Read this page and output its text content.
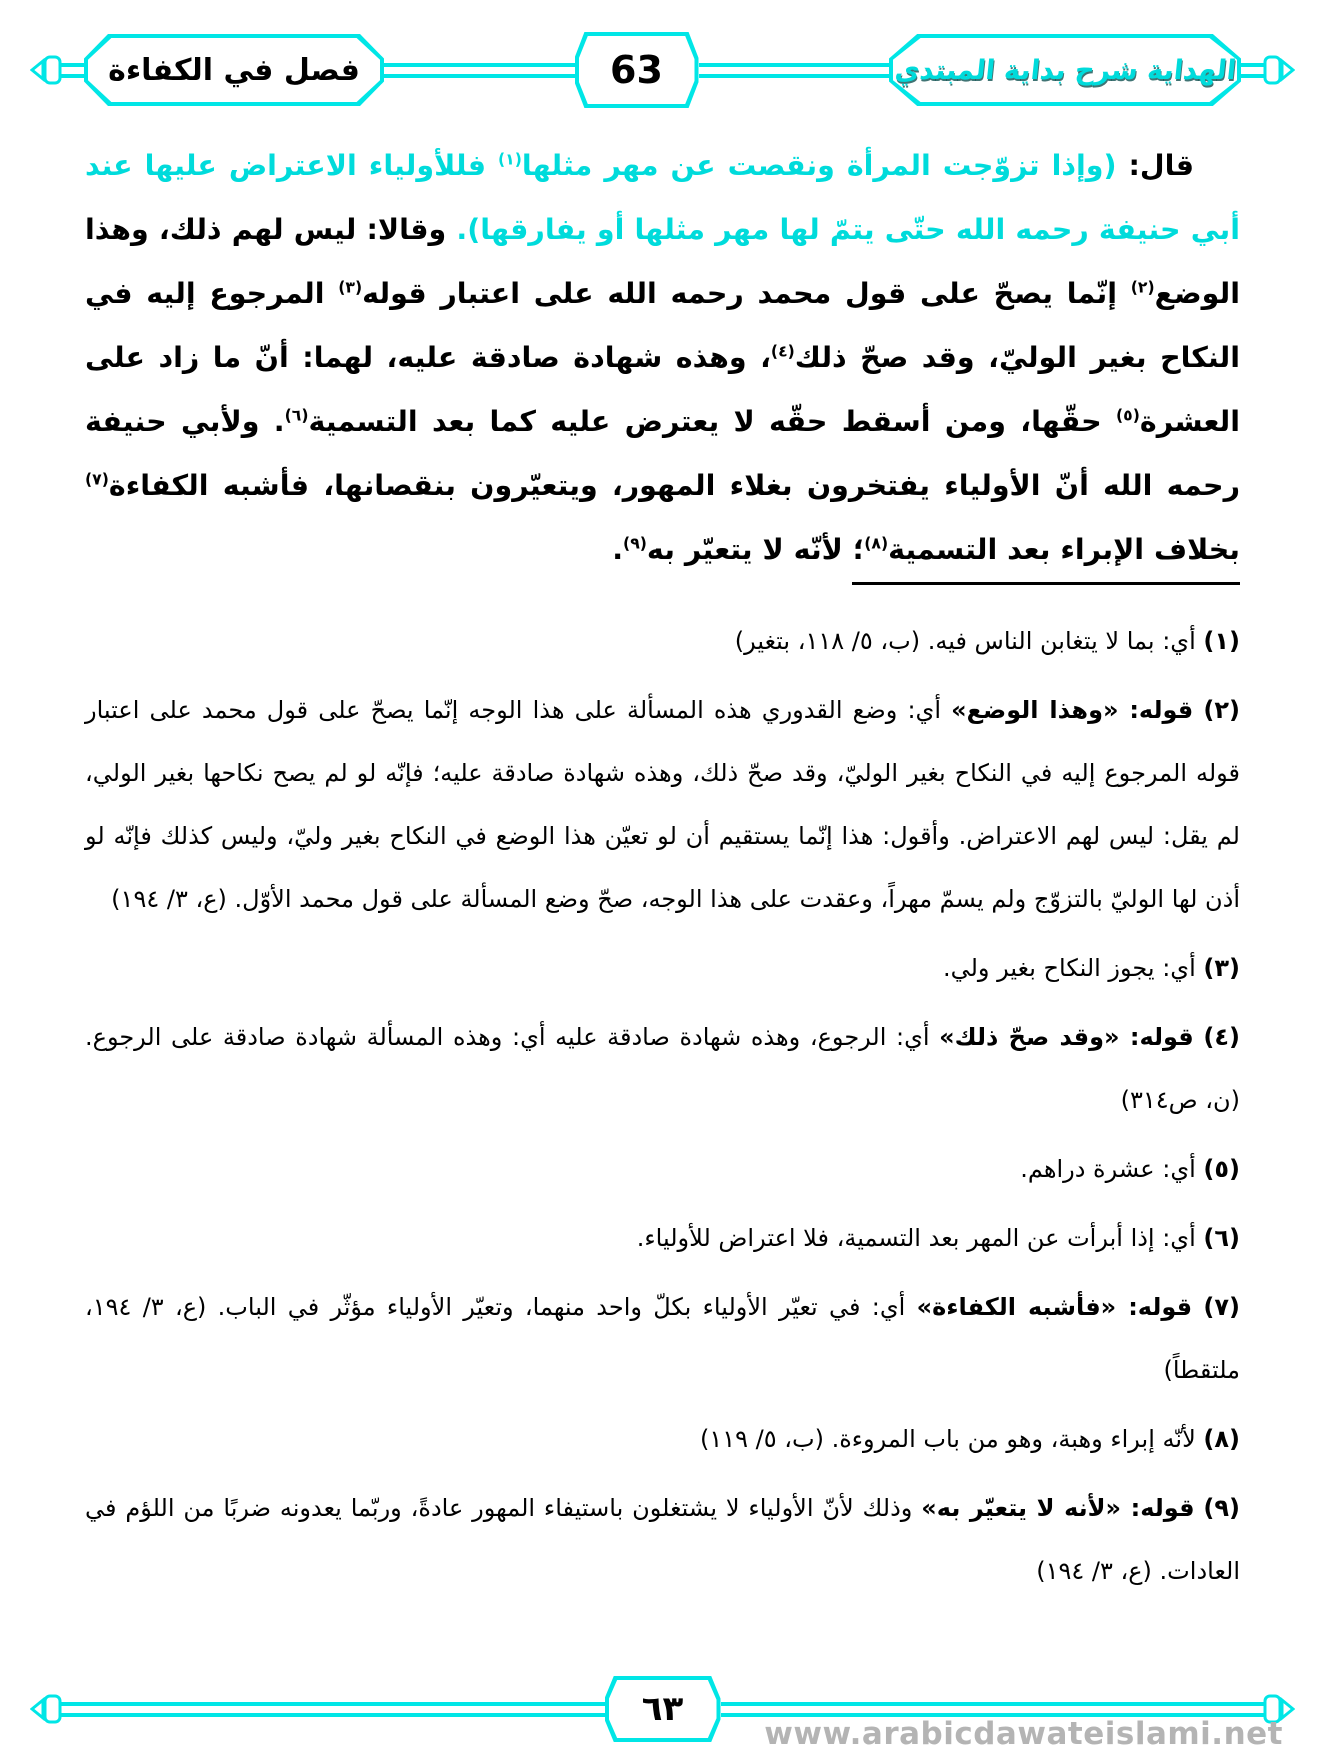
فصل في الكفاءة	63	الهداية شرح بداية المبتدي

قال: (وإذا تزوّجت المرأة ونقصت عن مهر مثلها$^{(١)}$ فللأولياء الاعتراض عليها عند أبي حنيفة رحمه الله حتّى يتمّ لها مهر مثلها أو يفارقها). وقالا: ليس لهم ذلك، وهذا الوضع$^{(٢)}$ إنّما يصحّ على قول محمد رحمه الله على اعتبار قوله$^{(٣)}$ المرجوع إليه في النكاح بغير الوليّ، وقد صحّ ذلك$^{(٤)}$، وهذه شهادة صادقة عليه، لهما: أنّ ما زاد على العشرة$^{(٥)}$ حقّها، ومن أسقط حقّه لا يعترض عليه كما بعد التسمية$^{(٦)}$. ولأبي حنيفة رحمه الله أنّ الأولياء يفتخرون بغلاء المهور، ويتعيّرون بنقصانها، فأشبه الكفاءة$^{(٧)}$ بخلاف الإبراء بعد التسمية$^{(٨)}$؛ لأنّه لا يتعيّر به$^{(٩)}$.

(١) أي: بما لا يتغابن الناس فيه. (ب، ٥/ ١١٨، بتغير)

(٢) قوله: «وهذا الوضع» أي: وضع القدوري هذه المسألة على هذا الوجه إنّما يصحّ على قول محمد على اعتبار قوله المرجوع إليه في النكاح بغير الوليّ، وقد صحّ ذلك، وهذه شهادة صادقة عليه؛ فإنّه لو لم يصح نكاحها بغير الولي، لم يقل: ليس لهم الاعتراض. وأقول: هذا إنّما يستقيم أن لو تعيّن هذا الوضع في النكاح بغير وليّ، وليس كذلك فإنّه لو أذن لها الوليّ بالتزوّج ولم يسمّ مهراً، وعقدت على هذا الوجه، صحّ وضع المسألة على قول محمد الأوّل. (ع، ٣/ ١٩٤)

(٣) أي: يجوز النكاح بغير ولي.

(٤) قوله: «وقد صحّ ذلك» أي: الرجوع، وهذه شهادة صادقة عليه أي: وهذه المسألة شهادة صادقة على الرجوع. (ن، ص٣١٤)

(٥) أي: عشرة دراهم.

(٦) أي: إذا أبرأت عن المهر بعد التسمية، فلا اعتراض للأولياء.

(٧) قوله: «فأشبه الكفاءة» أي: في تعيّر الأولياء بكلّ واحد منهما، وتعيّر الأولياء مؤثّر في الباب. (ع، ٣/ ١٩٤، ملتقطاً)

(٨) لأنّه إبراء وهبة، وهو من باب المروءة. (ب، ٥/ ١١٩)

(٩) قوله: «لأنه لا يتعيّر به» وذلك لأنّ الأولياء لا يشتغلون باستيفاء المهور عادةً، وربّما يعدونه ضربًا من اللؤم في العادات. (ع، ٣/ ١٩٤)

٦٣
www.arabicdawateislami.net
